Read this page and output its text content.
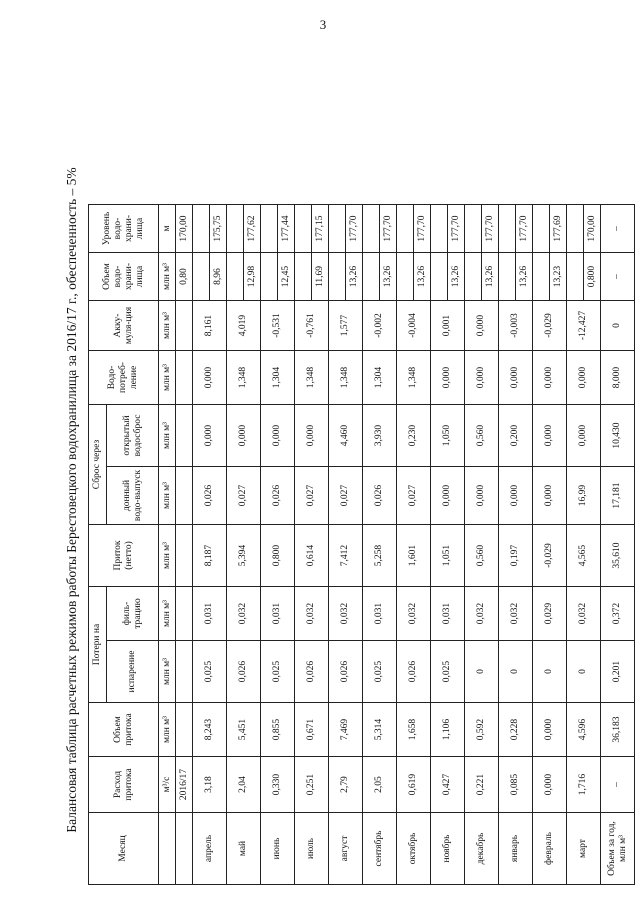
3
Балансовая таблица расчетных режимов работы Берестовецкого водохранилища за 2016/17 г., обеспеченность – 5%
Месяц	Расход притока	Объем притока	Потери на		Приток (нетто)	Сброс через		Водо-потреб-ление	Акку-муля-ция	Объем водо-храни-лища	Уровень водо-храни-лища
			испарение	филь-трацию		донный водо-выпуск	открытый водосброс				
	м³/с	млн м³	млн м³	млн м³	млн м³	млн м³	млн м³	млн м³	млн м³	млн м³	м
	2016/17									0,80	170,00
апрель	3,18	8,243	0,025	0,031	8,187	0,026	0,000	0,000	8,161		
										8,96	175,75
май	2,04	5,451	0,026	0,032	5,394	0,027	0,000	1,348	4,019		
										12,98	177,62
июнь	0,330	0,855	0,025	0,031	0,800	0,026	0,000	1,304	-0,531		
										12,45	177,44
июль	0,251	0,671	0,026	0,032	0,614	0,027	0,000	1,348	-0,761		
										11,69	177,15
август	2,79	7,469	0,026	0,032	7,412	0,027	4,460	1,348	1,577		
										13,26	177,70
сентябрь	2,05	5,314	0,025	0,031	5,258	0,026	3,930	1,304	-0,002		
										13,26	177,70
октябрь	0,619	1,658	0,026	0,032	1,601	0,027	0,230	1,348	-0,004		
										13,26	177,70
ноябрь	0,427	1,106	0,025	0,031	1,051	0,000	1,050	0,000	0,001		
										13,26	177,70
декабрь	0,221	0,592	0	0,032	0,560	0,000	0,560	0,000	0,000		
										13,26	177,70
январь	0,085	0,228	0	0,032	0,197	0,000	0,200	0,000	-0,003		
										13,26	177,70
февраль	0,000	0,000	0	0,029	-0,029	0,000	0,000	0,000	-0,029		
										13,23	177,69
март	1,716	4,596	0	0,032	4,565	16,99	0,000	0,000	-12,427		
										0,800	170,00
Объем за год, млн м³	–	36,183	0,201	0,372	35,610	17,181	10,430	8,000	0	–	–
